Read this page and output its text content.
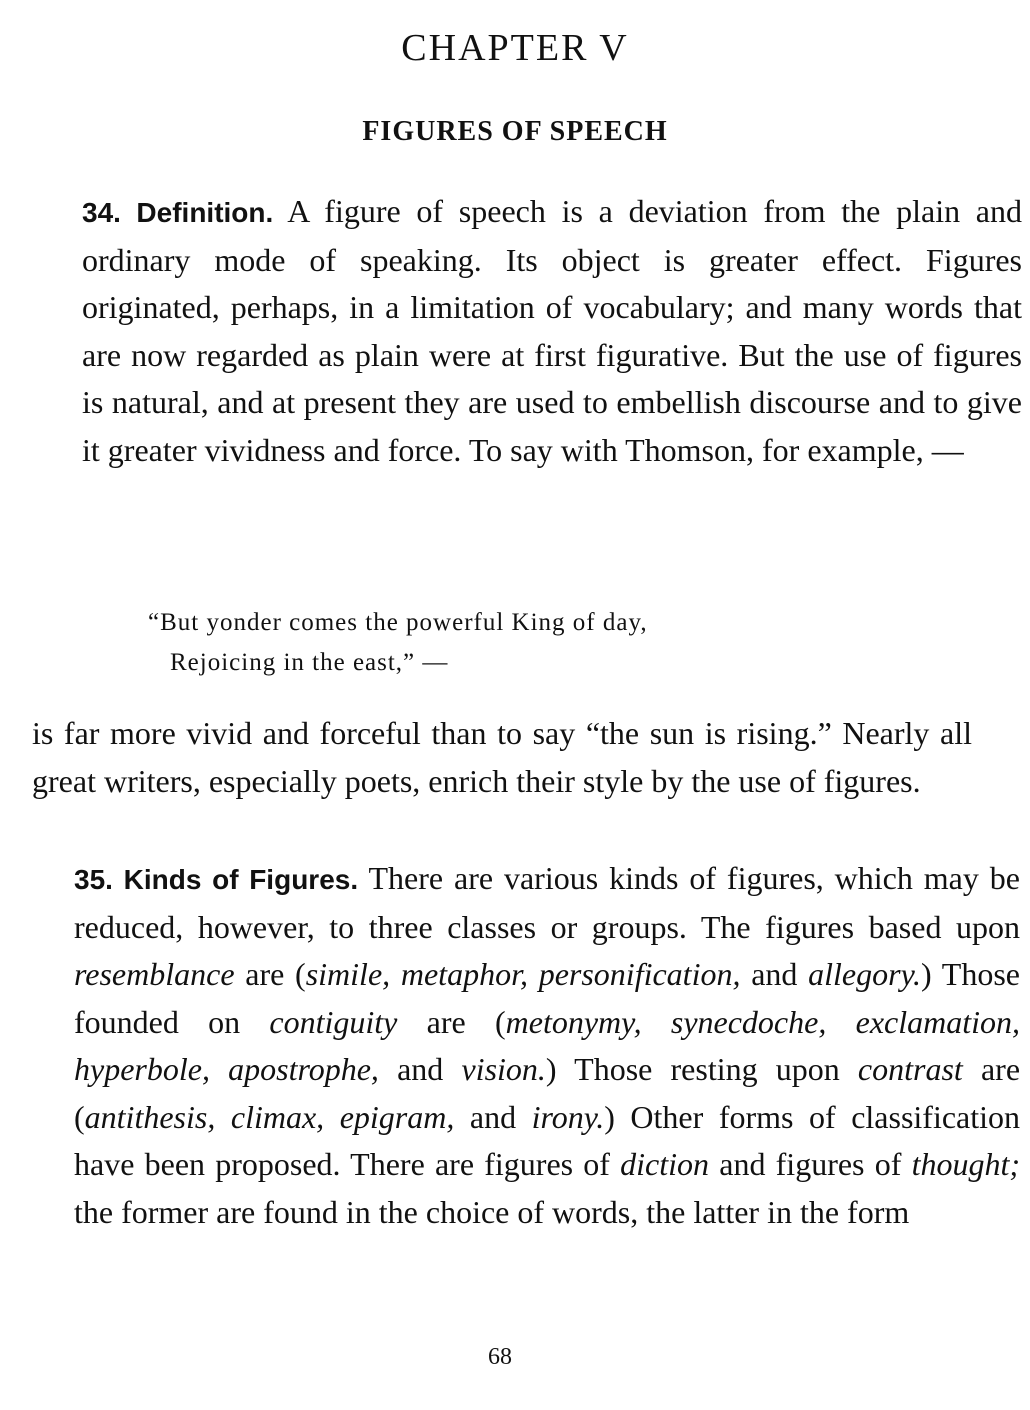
CHAPTER V
FIGURES OF SPEECH
34. Definition. A figure of speech is a deviation from the plain and ordinary mode of speaking. Its object is greater effect. Figures originated, perhaps, in a limitation of vocabulary; and many words that are now regarded as plain were at first figurative. But the use of figures is natural, and at present they are used to embellish discourse and to give it greater vividness and force. To say with Thomson, for example, —
“But yonder comes the powerful King of day,
Rejoicing in the east,” —
is far more vivid and forceful than to say “the sun is rising.” Nearly all great writers, especially poets, enrich their style by the use of figures.
35. Kinds of Figures. There are various kinds of figures, which may be reduced, however, to three classes or groups. The figures based upon resemblance are (simile, metaphor, personification, and allegory.) Those founded on contiguity are (metonymy, synecdoche, exclamation, hyperbole, apostrophe, and vision.) Those resting upon contrast are (antithesis, climax, epigram, and irony.) Other forms of classification have been proposed. There are figures of diction and figures of thought; the former are found in the choice of words, the latter in the form
68
